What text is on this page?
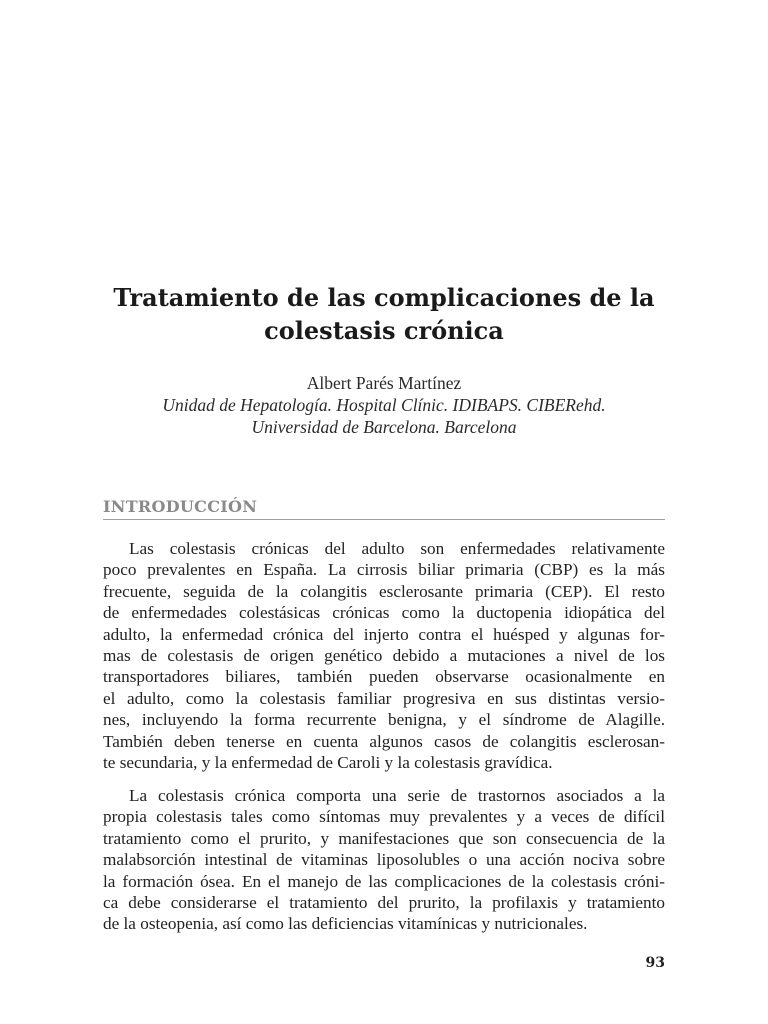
Tratamiento de las complicaciones de la
colestasis crónica
Albert Parés Martínez
Unidad de Hepatología. Hospital Clínic. IDIBAPS. CIBERehd.
Universidad de Barcelona. Barcelona
INTRODUCCIÓN
Las colestasis crónicas del adulto son enfermedades relativamente
poco prevalentes en España. La cirrosis biliar primaria (CBP) es la más
frecuente, seguida de la colangitis esclerosante primaria (CEP). El resto
de enfermedades colestásicas crónicas como la ductopenia idiopática del
adulto, la enfermedad crónica del injerto contra el huésped y algunas for-
mas de colestasis de origen genético debido a mutaciones a nivel de los
transportadores biliares, también pueden observarse ocasionalmente en
el adulto, como la colestasis familiar progresiva en sus distintas versio-
nes, incluyendo la forma recurrente benigna, y el síndrome de Alagille.
También deben tenerse en cuenta algunos casos de colangitis esclerosan-
te secundaria, y la enfermedad de Caroli y la colestasis gravídica.
La colestasis crónica comporta una serie de trastornos asociados a la
propia colestasis tales como síntomas muy prevalentes y a veces de difícil
tratamiento como el prurito, y manifestaciones que son consecuencia de la
malabsorción intestinal de vitaminas liposolubles o una acción nociva sobre
la formación ósea. En el manejo de las complicaciones de la colestasis cróni-
ca debe considerarse el tratamiento del prurito, la profilaxis y tratamiento
de la osteopenia, así como las deficiencias vitamínicas y nutricionales.
93
